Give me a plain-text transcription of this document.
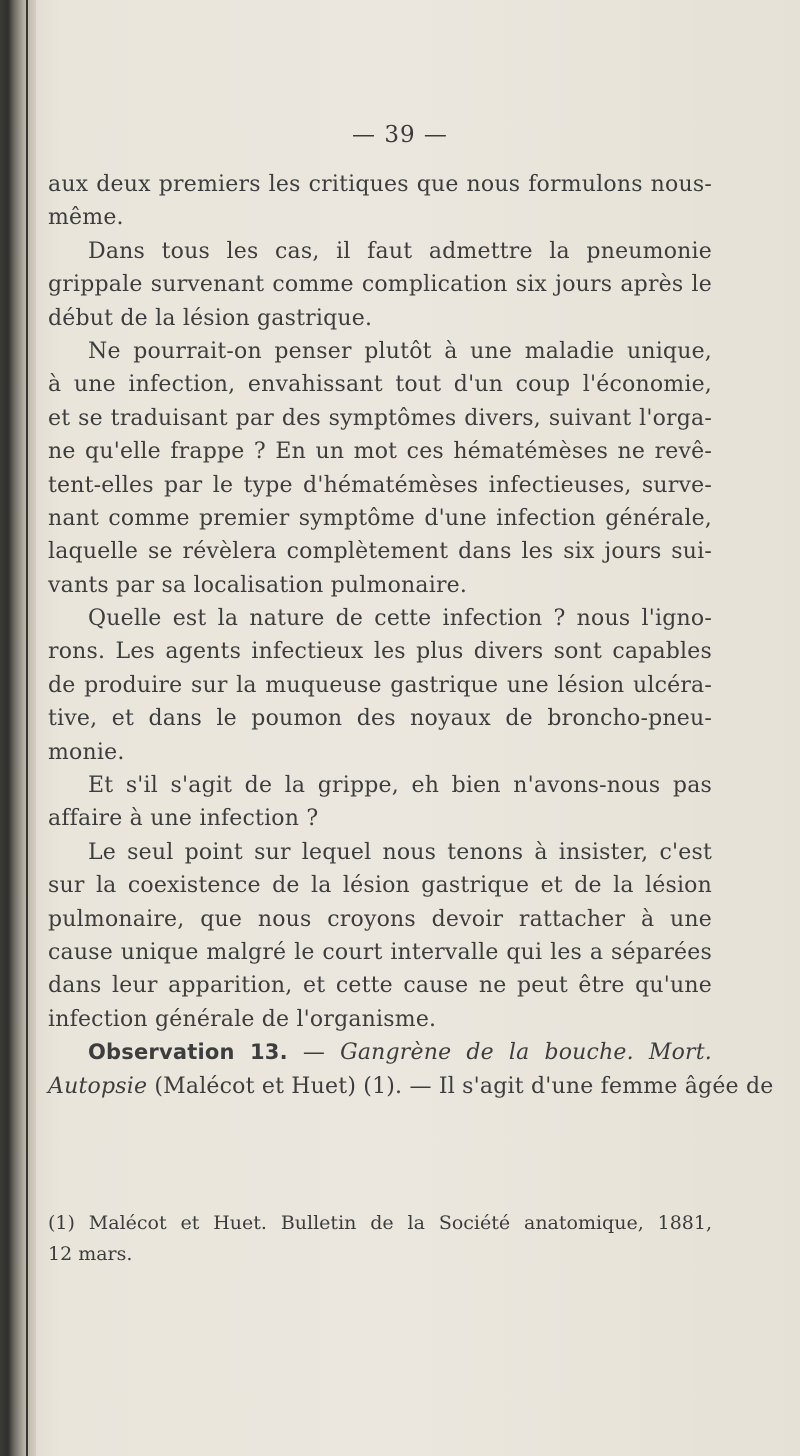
— 39 —
aux deux premiers les critiques que nous formulons nous-
même.
Dans tous les cas, il faut admettre la pneumonie
grippale survenant comme complication six jours après le
début de la lésion gastrique.
Ne pourrait-on penser plutôt à une maladie unique,
à une infection, envahissant tout d'un coup l'économie,
et se traduisant par des symptômes divers, suivant l'orga-
ne qu'elle frappe ? En un mot ces hématémèses ne revê-
tent-elles par le type d'hématémèses infectieuses, surve-
nant comme premier symptôme d'une infection générale,
laquelle se révèlera complètement dans les six jours sui-
vants par sa localisation pulmonaire.
Quelle est la nature de cette infection ? nous l'igno-
rons. Les agents infectieux les plus divers sont capables
de produire sur la muqueuse gastrique une lésion ulcéra-
tive, et dans le poumon des noyaux de broncho-pneu-
monie.
Et s'il s'agit de la grippe, eh bien n'avons-nous pas
affaire à une infection ?
Le seul point sur lequel nous tenons à insister, c'est
sur la coexistence de la lésion gastrique et de la lésion
pulmonaire, que nous croyons devoir rattacher à une
cause unique malgré le court intervalle qui les a séparées
dans leur apparition, et cette cause ne peut être qu'une
infection générale de l'organisme.
Observation 13. — Gangrène de la bouche. Mort.
Autopsie (Malécot et Huet) (1). — Il s'agit d'une femme âgée de
(1) Malécot et Huet. Bulletin de la Société anatomique, 1881,
12 mars.
